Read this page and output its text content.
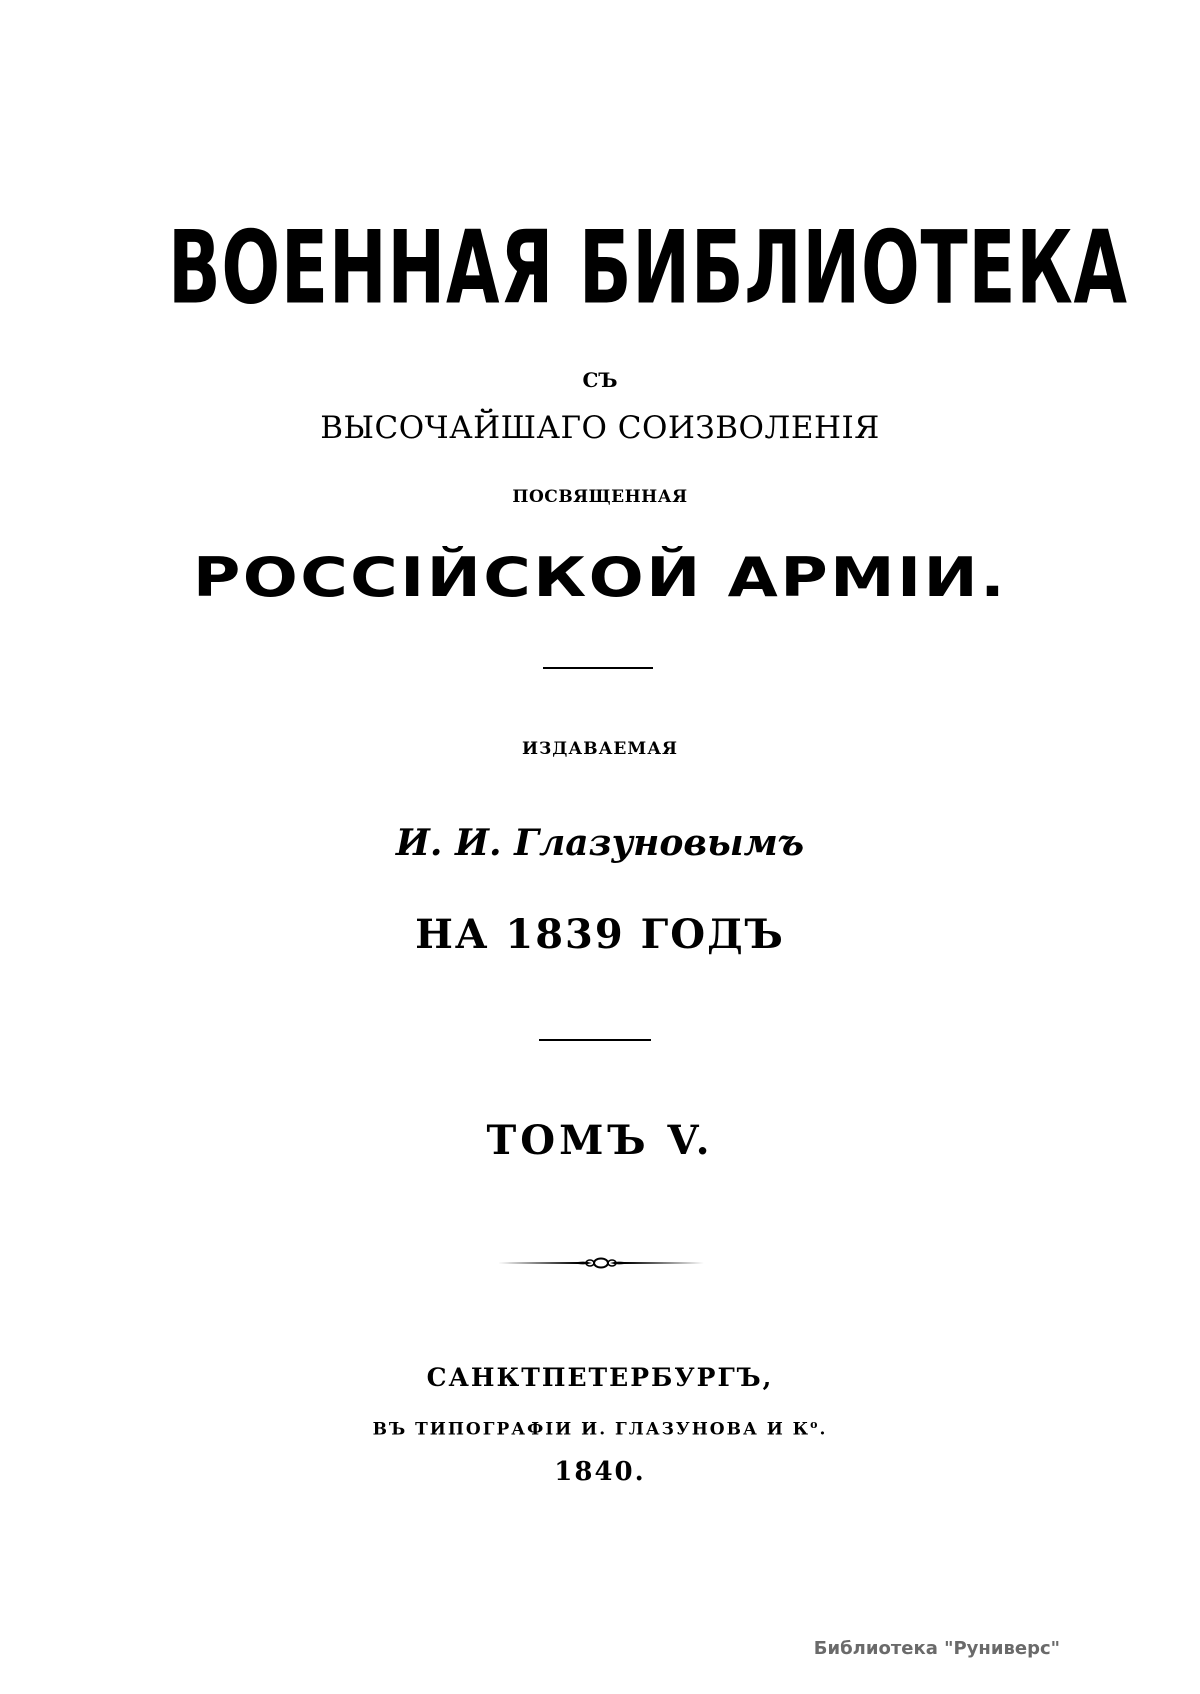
ВОЕННАЯ БИБЛИОТЕКА
СЪ
ВЫСОЧАЙШАГО СОИЗВОЛЕНІЯ
ПОСВЯЩЕННАЯ
РОССІЙСКОЙ АРМІИ.
ИЗДАВАЕМАЯ
И. И. Глазуновымъ
НА 1839 ГОДЪ
ТОМЪ V.
САНКТПЕТЕРБУРГЪ,
ВЪ ТИПОГРАФІИ И. ГЛАЗУНОВА И $К^о$.
1840.
Библиотека "Руниверс"
